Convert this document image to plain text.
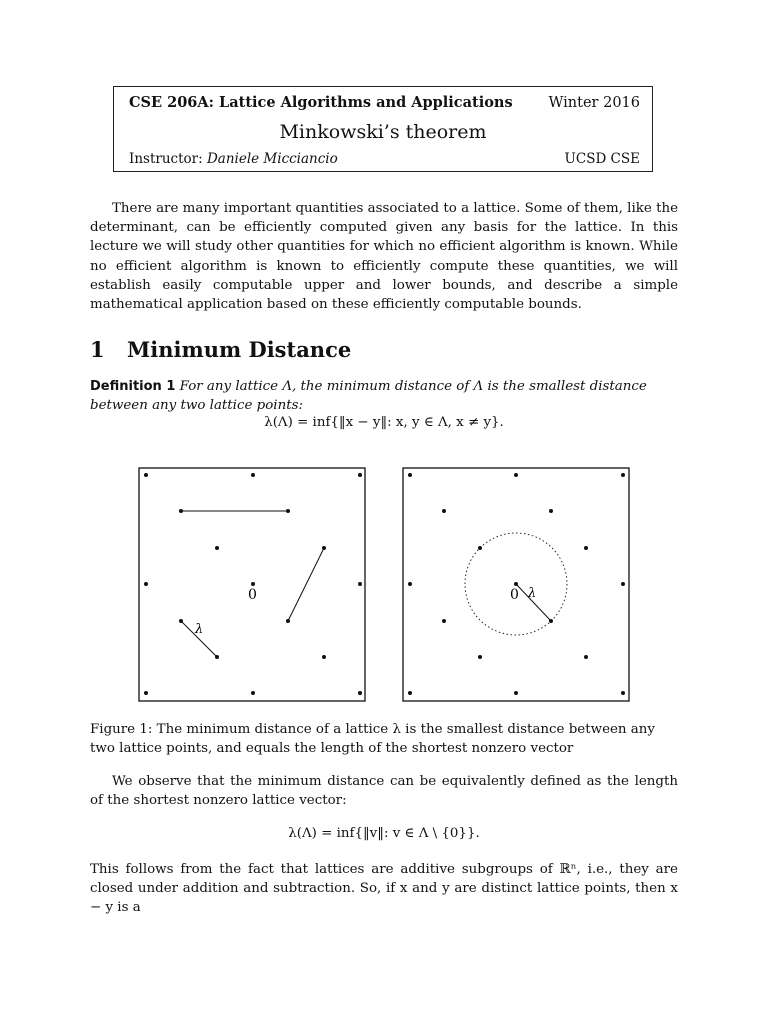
CSE 206A: Lattice Algorithms and Applications Winter 2016
Minkowski’s theorem
Instructor: Daniele Micciancio	UCSD CSE

There are many important quantities associated to a lattice. Some of them, like the determinant, can be efficiently computed given any basis for the lattice. In this lecture we will study other quantities for which no efficient algorithm is known. While no efficient algorithm is known to efficiently compute these quantities, we will establish easily computable upper and lower bounds, and describe a simple mathematical application based on these efficiently computable bounds.

1 Minimum Distance

Definition 1 For any lattice Λ, the minimum distance of Λ is the smallest distance between any two lattice points:

λ(Λ) = inf{‖x − y‖: x, y ∈ Λ, x ≠ y}.

0
λ
0 λ

Figure 1: The minimum distance of a lattice λ is the smallest distance between any two lattice points, and equals the length of the shortest nonzero vector

We observe that the minimum distance can be equivalently defined as the length of the shortest nonzero lattice vector:

λ(Λ) = inf{‖v‖: v ∈ Λ \ {0}}.

This follows from the fact that lattices are additive subgroups of ℝⁿ, i.e., they are closed under addition and subtraction. So, if x and y are distinct lattice points, then x − y is a
